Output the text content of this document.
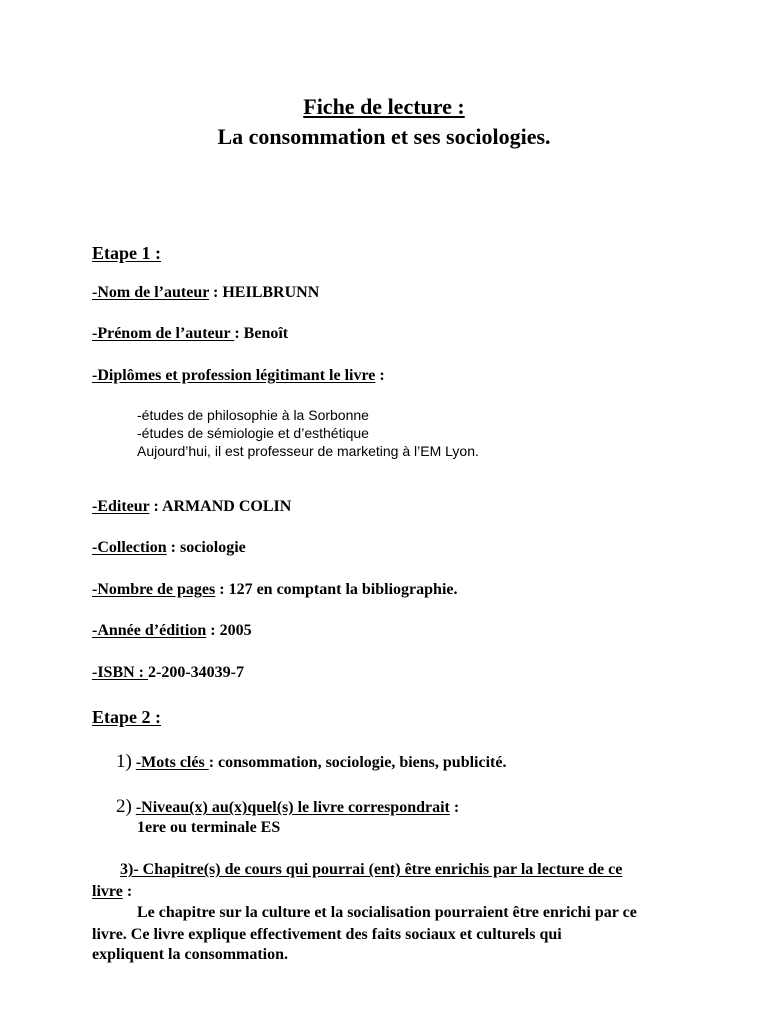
Fiche de lecture :
La consommation et ses sociologies.
Etape 1 :
-Nom de l’auteur : HEILBRUNN
-Prénom de l’auteur : Benoît
-Diplômes et profession légitimant le livre :
-études de philosophie à la Sorbonne
-études de sémiologie et d’esthétique
Aujourd’hui, il est professeur de marketing à l’EM Lyon.
-Editeur : ARMAND COLIN
-Collection : sociologie
-Nombre de pages : 127 en comptant la bibliographie.
-Année d’édition : 2005
-ISBN : 2-200-34039-7
Etape 2 :
1) -Mots clés : consommation, sociologie, biens, publicité.
2) -Niveau(x) au(x)quel(s) le livre correspondrait :
1ere ou terminale ES
3)- Chapitre(s) de cours qui pourrai (ent) être enrichis par la lecture de ce
livre :
Le chapitre sur la culture et la socialisation pourraient être enrichi par ce
livre. Ce livre explique effectivement des faits sociaux et culturels qui
expliquent la consommation.
